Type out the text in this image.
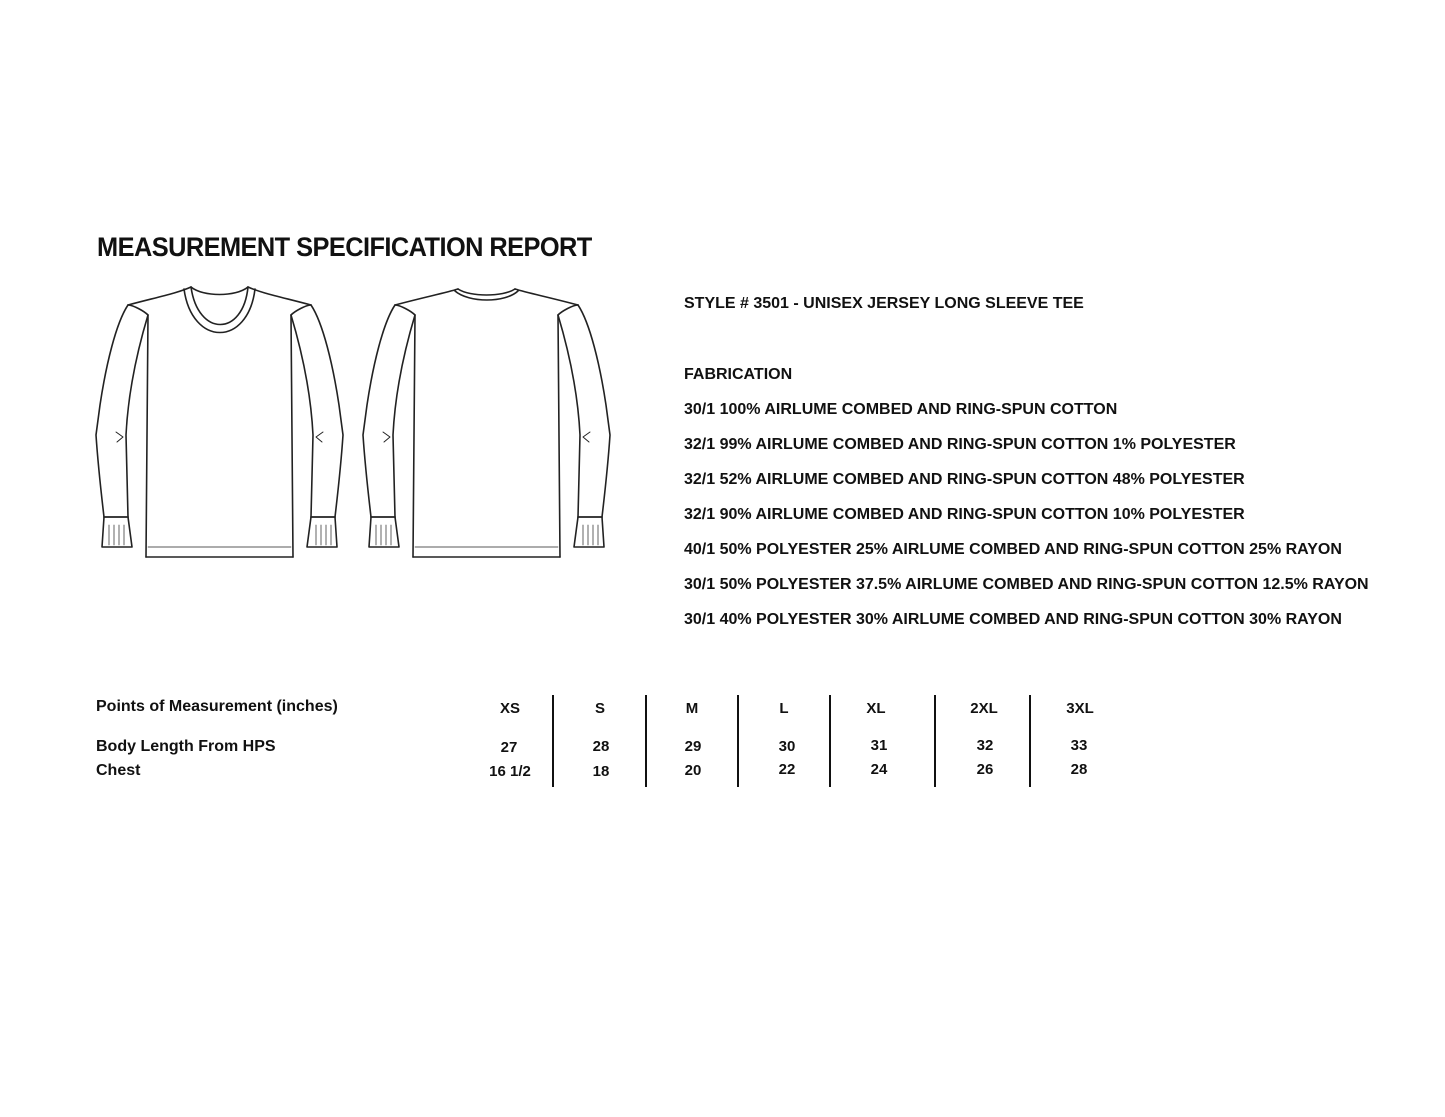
MEASUREMENT SPECIFICATION REPORT
STYLE # 3501 - UNISEX JERSEY LONG SLEEVE TEE
FABRICATION
30/1 100% AIRLUME COMBED AND RING-SPUN COTTON
32/1 99% AIRLUME COMBED AND RING-SPUN COTTON 1% POLYESTER
32/1 52% AIRLUME COMBED AND RING-SPUN COTTON 48% POLYESTER
32/1 90% AIRLUME COMBED AND RING-SPUN COTTON 10% POLYESTER
40/1 50% POLYESTER 25% AIRLUME COMBED AND RING-SPUN COTTON 25% RAYON
30/1 50% POLYESTER 37.5% AIRLUME COMBED AND RING-SPUN COTTON 12.5% RAYON
30/1 40% POLYESTER 30% AIRLUME COMBED AND RING-SPUN COTTON 30% RAYON
Points of Measurement (inches)	XS	S	M	L	XL	2XL	3XL
Body Length From HPS	27	28	29	30	31	32	33
Chest	16 1/2	18	20	22	24	26	28
